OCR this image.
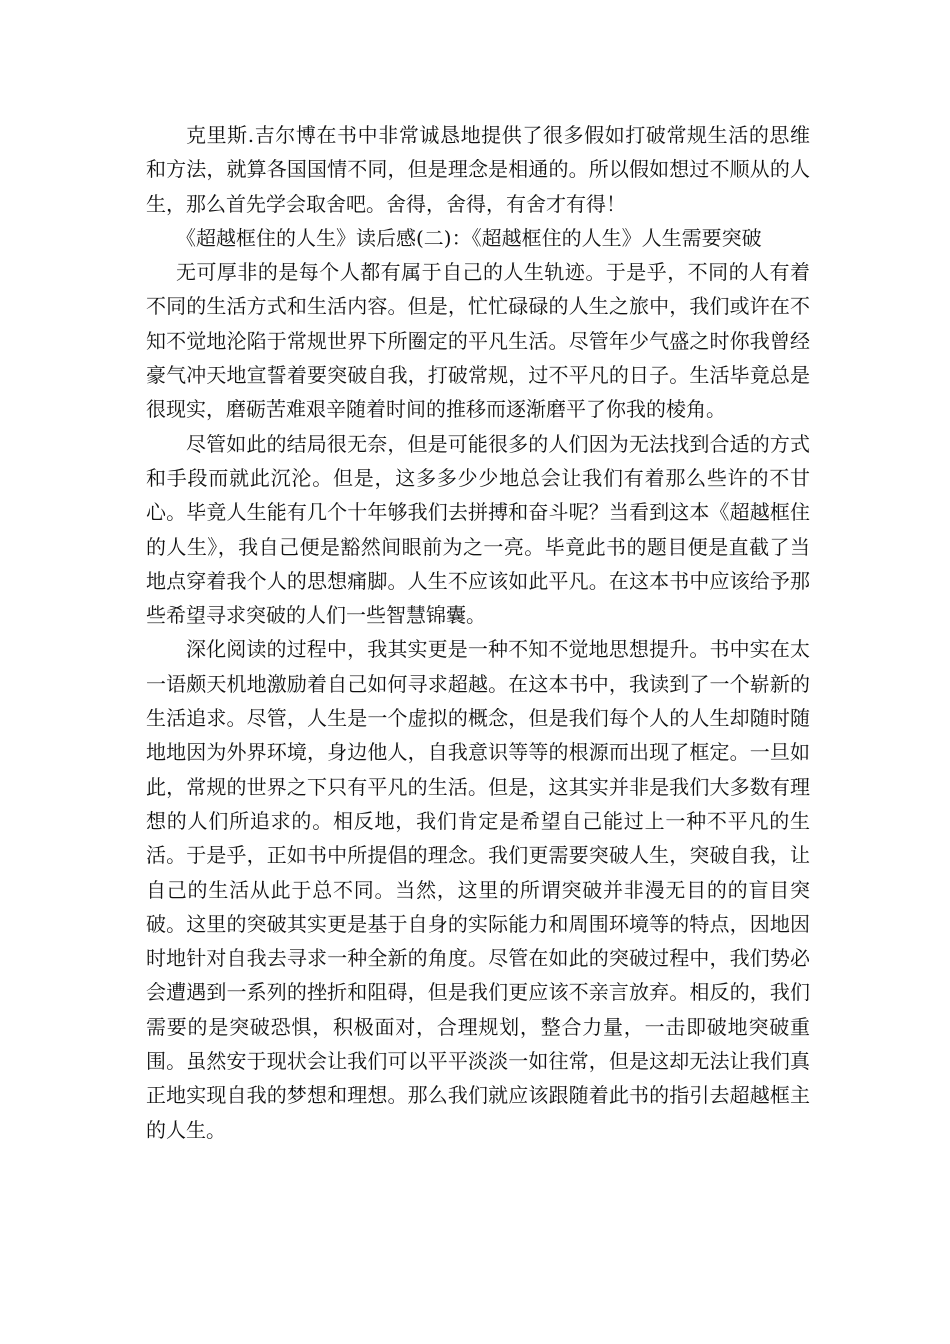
克里斯.吉尔博在书中非常诚恳地提供了很多假如打破常规生活的思维和方法，就算各国国情不同，但是理念是相通的。所以假如想过不顺从的人生，那么首先学会取舍吧。舍得，舍得，有舍才有得！

《超越框住的人生》读后感(二)：《超越框住的人生》人生需要突破

无可厚非的是每个人都有属于自己的人生轨迹。于是乎，不同的人有着不同的生活方式和生活内容。但是，忙忙碌碌的人生之旅中，我们或许在不知不觉地沦陷于常规世界下所圈定的平凡生活。尽管年少气盛之时你我曾经豪气冲天地宣誓着要突破自我，打破常规，过不平凡的日子。生活毕竟总是很现实，磨砺苦难艰辛随着时间的推移而逐渐磨平了你我的棱角。

尽管如此的结局很无奈，但是可能很多的人们因为无法找到合适的方式和手段而就此沉沦。但是，这多多少少地总会让我们有着那么些许的不甘心。毕竟人生能有几个十年够我们去拼搏和奋斗呢？当看到这本《超越框住的人生》，我自己便是豁然间眼前为之一亮。毕竟此书的题目便是直截了当地点穿着我个人的思想痛脚。人生不应该如此平凡。在这本书中应该给予那些希望寻求突破的人们一些智慧锦囊。

深化阅读的过程中，我其实更是一种不知不觉地思想提升。书中实在太一语颇天机地激励着自己如何寻求超越。在这本书中，我读到了一个崭新的生活追求。尽管，人生是一个虚拟的概念，但是我们每个人的人生却随时随地地因为外界环境，身边他人，自我意识等等的根源而出现了框定。一旦如此，常规的世界之下只有平凡的生活。但是，这其实并非是我们大多数有理想的人们所追求的。相反地，我们肯定是希望自己能过上一种不平凡的生活。于是乎，正如书中所提倡的理念。我们更需要突破人生，突破自我，让自己的生活从此于总不同。当然，这里的所谓突破并非漫无目的的盲目突破。这里的突破其实更是基于自身的实际能力和周围环境等的特点，因地因时地针对自我去寻求一种全新的角度。尽管在如此的突破过程中，我们势必会遭遇到一系列的挫折和阻碍，但是我们更应该不亲言放弃。相反的，我们需要的是突破恐惧，积极面对，合理规划，整合力量，一击即破地突破重围。虽然安于现状会让我们可以平平淡淡一如往常，但是这却无法让我们真正地实现自我的梦想和理想。那么我们就应该跟随着此书的指引去超越框主的人生。
